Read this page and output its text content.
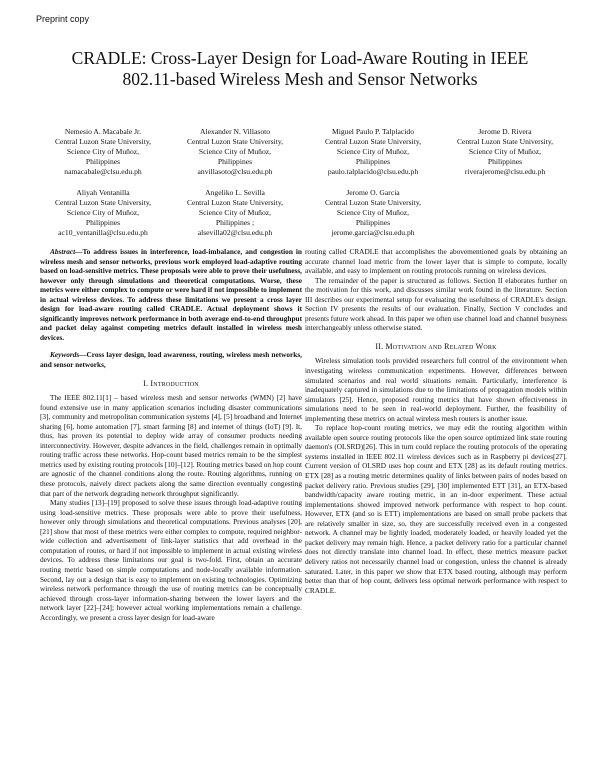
Preprint copy
CRADLE: Cross-Layer Design for Load-Aware Routing in IEEE 802.11-based Wireless Mesh and Sensor Networks
Nemesio A. Macabale Jr.
Central Luzon State University,
Science City of Muñoz,
Philippines
namacabale@clsu.edu.ph
Alexander N. Villasoto
Central Luzon State University,
Science City of Muñoz,
Philippines
anvillasoto@clsu.edu.ph
Miguel Paulo P. Talplacido
Central Luzon State University,
Science City of Muñoz,
Philippines
paulo.talplacido@clsu.edu.ph
Jerome D. Rivera
Central Luzon State University,
Science City of Muñoz,
Philippines
riverajerome@clsu.edu.ph
Aliyah Ventanilla
Central Luzon State University,
Science City of Muñoz,
Philippines
ac10_ventanilla@clsu.edu.ph
Angeliko L. Sevilla
Central Luzon State University,
Science City of Muñoz,
Philippines ;
alsevilla02@clsu.edu.ph
Jerome O. Garcia
Central Luzon State University,
Science City of Muñoz,
Philippines
jerome.garcia@clsu.edu.ph

Abstract—To address issues in interference, load-imbalance, and congestion in wireless mesh and sensor networks, previous work employed load-adaptive routing based on load-sensitive metrics. These proposals were able to prove their usefulness, however only through simulations and theoretical computations. Worse, these metrics were either complex to compute or were hard if not impossible to implement in actual wireless devices. To address these limitations we present a cross layer design for load-aware routing called CRADLE. Actual deployment shows it significantly improves network performance in both average end-to-end throughput and packet delay against competing metrics default installed in wireless mesh devices.

Keywords—Cross layer design, load awareness, routing, wireless mesh networks, and sensor networks,

I. Introduction

The IEEE 802.11[1] – based wireless mesh and sensor networks (WMN) [2] have found extensive use in many application scenarios including disaster communications [3], community and metropolitan communication systems [4], [5] broadband and Internet sharing [6], home automation [7], smart farming [8] and internet of things (IoT) [9]. It, thus, has proven its potential to deploy wide array of consumer products needing interconnectivity. However, despite advances in the field, challenges remain in optimally routing traffic across these networks. Hop-count based metrics remain to be the simplest metrics used by existing routing protocols [10]–[12]. Routing metrics based on hop count are agnostic of the channel conditions along the route. Routing algorithms, running on these protocols, naively direct packets along the same direction eventually congesting that part of the network degrading network throughput significantly.

Many studies [13]–[19] proposed to solve these issues through load-adaptive routing using load-sensitive metrics. These proposals were able to prove their usefulness, however only through simulations and theoretical computations. Previous analyses [20], [21] show that most of these metrics were either complex to compute, required neighbor-wide collection and advertisement of link-layer statistics that add overhead in the computation of routes, or hard if not impossible to implement in actual existing wireless devices. To address these limitations our goal is two-fold. First, obtain an accurate routing metric based on simple computations and node-locally available information. Second, lay out a design that is easy to implement on existing technologies. Optimizing wireless network performance through the use of routing metrics can be conceptually achieved through cross-layer information-sharing between the lower layers and the network layer [22]–[24]; however actual working implementations remain a challenge. Accordingly, we present a cross layer design for load-aware

routing called CRADLE that accomplishes the abovementioned goals by obtaining an accurate channel load metric from the lower layer that is simple to compute, locally available, and easy to implement on routing protocols running on wireless devices.

The remainder of the paper is structured as follows. Section II elaborates further on the motivation for this work, and discusses similar work found in the literature. Section III describes our experimental setup for evaluating the usefulness of CRADLE's design. Section IV presents the results of our evaluation. Finally, Section V concludes and presents future work ahead. In this paper we often use channel load and channel busyness interchangeably unless otherwise stated.

II. Motivation and Related Work

Wireless simulation tools provided researchers full control of the environment when investigating wireless communication experiments. However, differences between simulated scenarios and real world situations remain. Particularly, interference is inadequately captured in simulations due to the limitations of propagation models within simulators [25]. Hence, proposed routing metrics that have shown effectiveness in simulations need to be seen in real-world deployment. Further, the feasibility of implementing these metrics on actual wireless mesh routers is another issue.

To replace hop-count routing metrics, we may edit the routing algorithm within available open source routing protocols like the open source optimized link state routing daemon's (OLSRD)[26]. This in turn could replace the routing protocols of the operating systems installed in IEEE 802.11 wireless devices such as in Raspberry pi devices[27]. Current version of OLSRD uses hop count and ETX [28] as its default routing metrics. ETX [28] as a routing metric determines quality of links between pairs of nodes based on packet delivery ratio. Previous studies [29], [30] implemented ETT [31], an ETX-based bandwidth/capacity aware routing metric, in an in-door experiment. These actual implementations showed improved network performance with respect to hop count. However, ETX (and so is ETT) implementations are based on small probe packets that are relatively smaller in size, so, they are successfully received even in a congested network. A channel may be lightly loaded, moderately loaded, or heavily loaded yet the packet delivery may remain high. Hence, a packet delivery ratio for a particular channel does not directly translate into channel load. In effect, these metrics measure packet delivery ratios not necessarily channel load or congestion, unless the channel is already saturated. Later, in this paper we show that ETX based routing, although may perform better than that of hop count, delivers less optimal network performance with respect to CRADLE.
